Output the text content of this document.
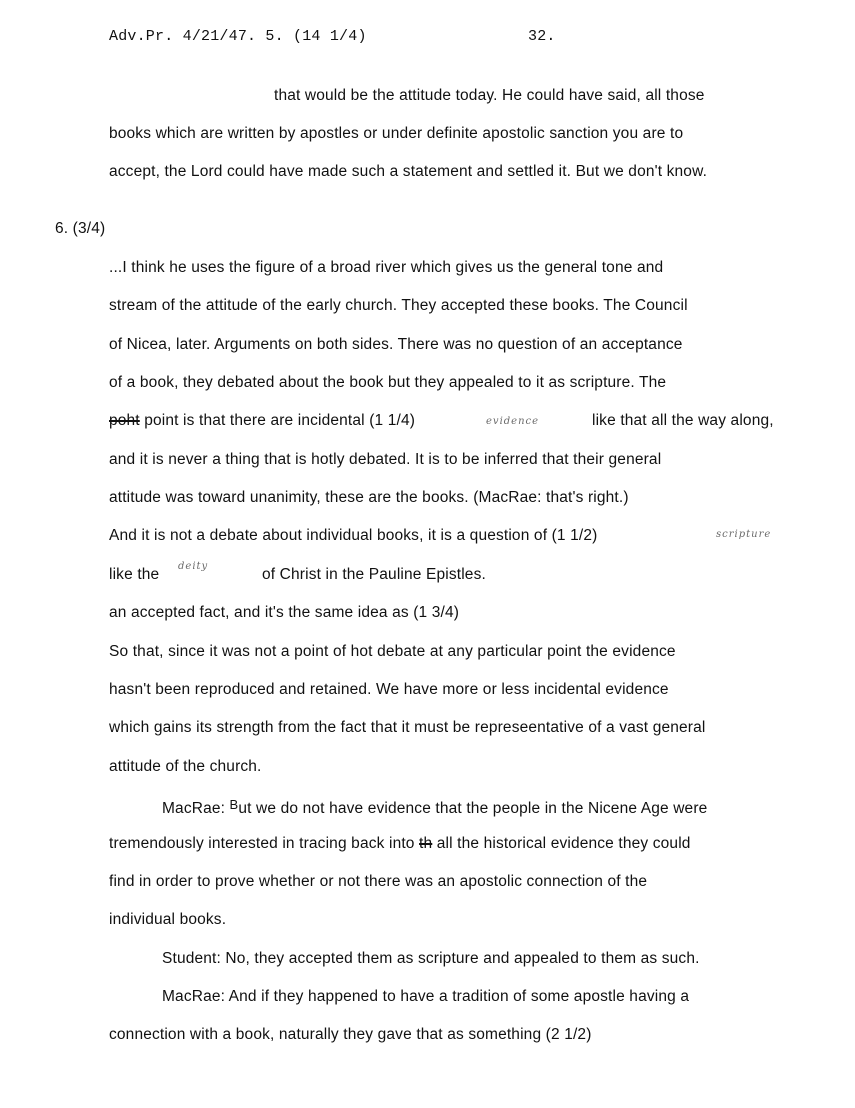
Adv.Pr. 4/21/47. 5. (14 1/4)	32.
that would be the attitude today. He could have said, all those
books which are written by apostles or under definite apostolic sanction you are to
accept, the Lord could have made such a statement and settled it. But we don't know.
6. (3/4)
...I think he uses the figure of a broad river which gives us the general tone and
stream of the attitude of the early church. They accepted these books. The Council
of Nicea, later. Arguments on both sides. There was no question of an acceptance
of a book, they debated about the book but they appealed to it as scripture. The
poht point is that there are incidental (1 1/4)	evidence	like that all the way along,
and it is never a thing that is hotly debated. It is to be inferred that their general
attitude was toward unanimity, these are the books. (MacRae: that's right.)
And it is not a debate about individual books, it is a question of (1 1/2)	scripture
like the deity	of Christ in the Pauline Epistles.
an accepted fact, and it's the same idea as (1 3/4)
So that, since it was not a point of hot debate at any particular point the evidence
hasn't been reproduced and retained. We have more or less incidental evidence
which gains its strength from the fact that it must be represeentative of a vast general
attitude of the church.
MacRae: $^B$ut we do not have evidence that the people in the Nicene Age were
tremendously interested in tracing back into th all the historical evidence they could
find in order to prove whether or not there was an apostolic connection of the
individual books.
Student: No, they accepted them as scripture and appealed to them as such.
MacRae: And if they happened to have a tradition of some apostle having a
connection with a book, naturally they gave that as something (2 1/2)
